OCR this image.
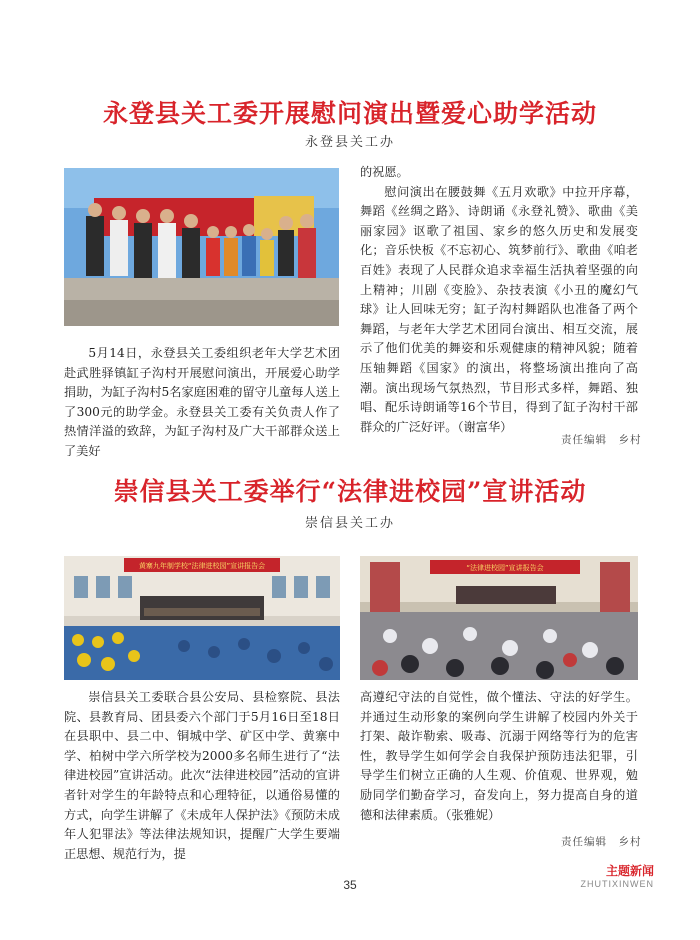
永登县关工委开展慰问演出暨爱心助学活动
永登县关工办

5月14日，永登县关工委组织老年大学艺术团赴武胜驿镇缸子沟村开展慰问演出，开展爱心助学捐助，为缸子沟村5名家庭困难的留守儿童每人送上了300元的助学金。永登县关工委有关负责人作了热情洋溢的致辞，为缸子沟村及广大干部群众送上了美好

的祝愿。

慰问演出在腰鼓舞《五月欢歌》中拉开序幕，舞蹈《丝绸之路》、诗朗诵《永登礼赞》、歌曲《美丽家园》讴歌了祖国、家乡的悠久历史和发展变化；音乐快板《不忘初心、筑梦前行》、歌曲《咱老百姓》表现了人民群众追求幸福生活执着坚强的向上精神；川剧《变脸》、杂技表演《小丑的魔幻气球》让人回味无穷；缸子沟村舞蹈队也准备了两个舞蹈，与老年大学艺术团同台演出、相互交流，展示了他们优美的舞姿和乐观健康的精神风貌；随着压轴舞蹈《国家》的演出，将整场演出推向了高潮。演出现场气氛热烈，节目形式多样，舞蹈、独唱、配乐诗朗诵等16个节目，得到了缸子沟村干部群众的广泛好评。（谢富华）

责任编辑　乡村
崇信县关工委举行“法律进校园”宣讲活动
崇信县关工办
黄寨九年制学校“法律进校园”宣讲报告会	“法律进校园”宣讲报告会

崇信县关工委联合县公安局、县检察院、县法院、县教育局、团县委六个部门于5月16日至18日在县职中、县二中、铜城中学、矿区中学、黄寨中学、柏树中学六所学校为2000多名师生进行了“法律进校园”宣讲活动。此次“法律进校园”活动的宣讲者针对学生的年龄特点和心理特征，以通俗易懂的方式，向学生讲解了《未成年人保护法》《预防未成年人犯罪法》等法律法规知识，提醒广大学生要端正思想、规范行为，提

高遵纪守法的自觉性，做个懂法、守法的好学生。并通过生动形象的案例向学生讲解了校园内外关于打架、敲诈勒索、吸毒、沉溺于网络等行为的危害性，教导学生如何学会自我保护预防违法犯罪，引导学生们树立正确的人生观、价值观、世界观，勉励同学们勤奋学习，奋发向上，努力提高自身的道德和法律素质。（张雅妮）

责任编辑　乡村
35
主题新闻
ZHUTIXINWEN
